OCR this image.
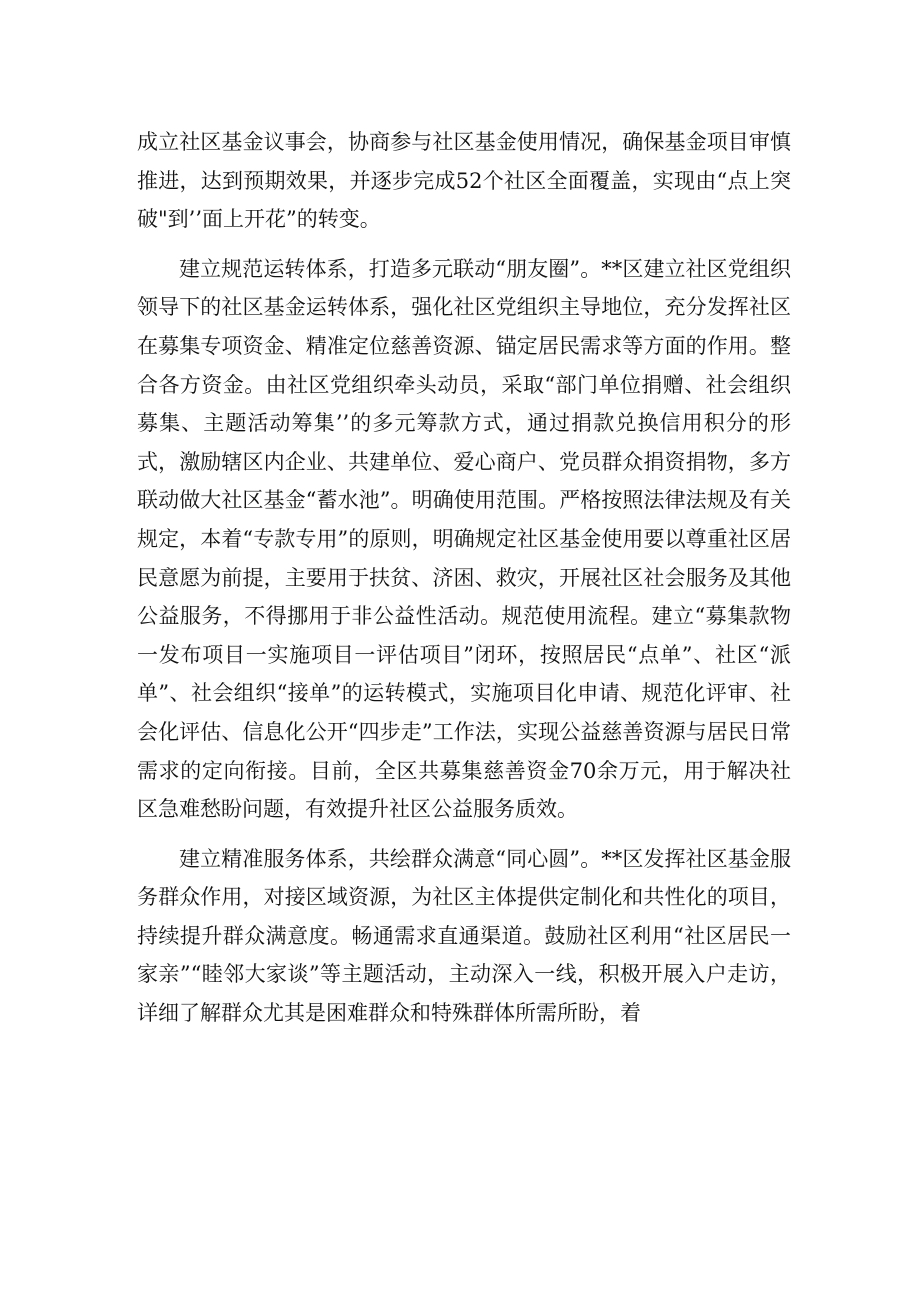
成立社区基金议事会，协商参与社区基金使用情况，确保基金项目审慎推进，达到预期效果，并逐步完成52个社区全面覆盖，实现由“点上突破"到’’面上开花”的转变。

建立规范运转体系，打造多元联动“朋友圈”。**区建立社区党组织领导下的社区基金运转体系，强化社区党组织主导地位，充分发挥社区在募集专项资金、精准定位慈善资源、锚定居民需求等方面的作用。整合各方资金。由社区党组织牵头动员，采取“部门单位捐赠、社会组织募集、主题活动筹集’’的多元筹款方式，通过捐款兑换信用积分的形式，激励辖区内企业、共建单位、爱心商户、党员群众捐资捐物，多方联动做大社区基金“蓄水池”。明确使用范围。严格按照法律法规及有关规定，本着“专款专用”的原则，明确规定社区基金使用要以尊重社区居民意愿为前提，主要用于扶贫、济困、救灾，开展社区社会服务及其他公益服务，不得挪用于非公益性活动。规范使用流程。建立“募集款物一发布项目一实施项目一评估项目”闭环，按照居民“点单”、社区“派单”、社会组织“接单”的运转模式，实施项目化申请、规范化评审、社会化评估、信息化公开“四步走”工作法，实现公益慈善资源与居民日常需求的定向衔接。目前，全区共募集慈善资金70余万元，用于解决社区急难愁盼问题，有效提升社区公益服务质效。

建立精准服务体系，共绘群众满意“同心圆”。**区发挥社区基金服务群众作用，对接区域资源，为社区主体提供定制化和共性化的项目，持续提升群众满意度。畅通需求直通渠道。鼓励社区利用“社区居民一家亲”“睦邻大家谈”等主题活动，主动深入一线，积极开展入户走访，详细了解群众尤其是困难群众和特殊群体所需所盼，着
